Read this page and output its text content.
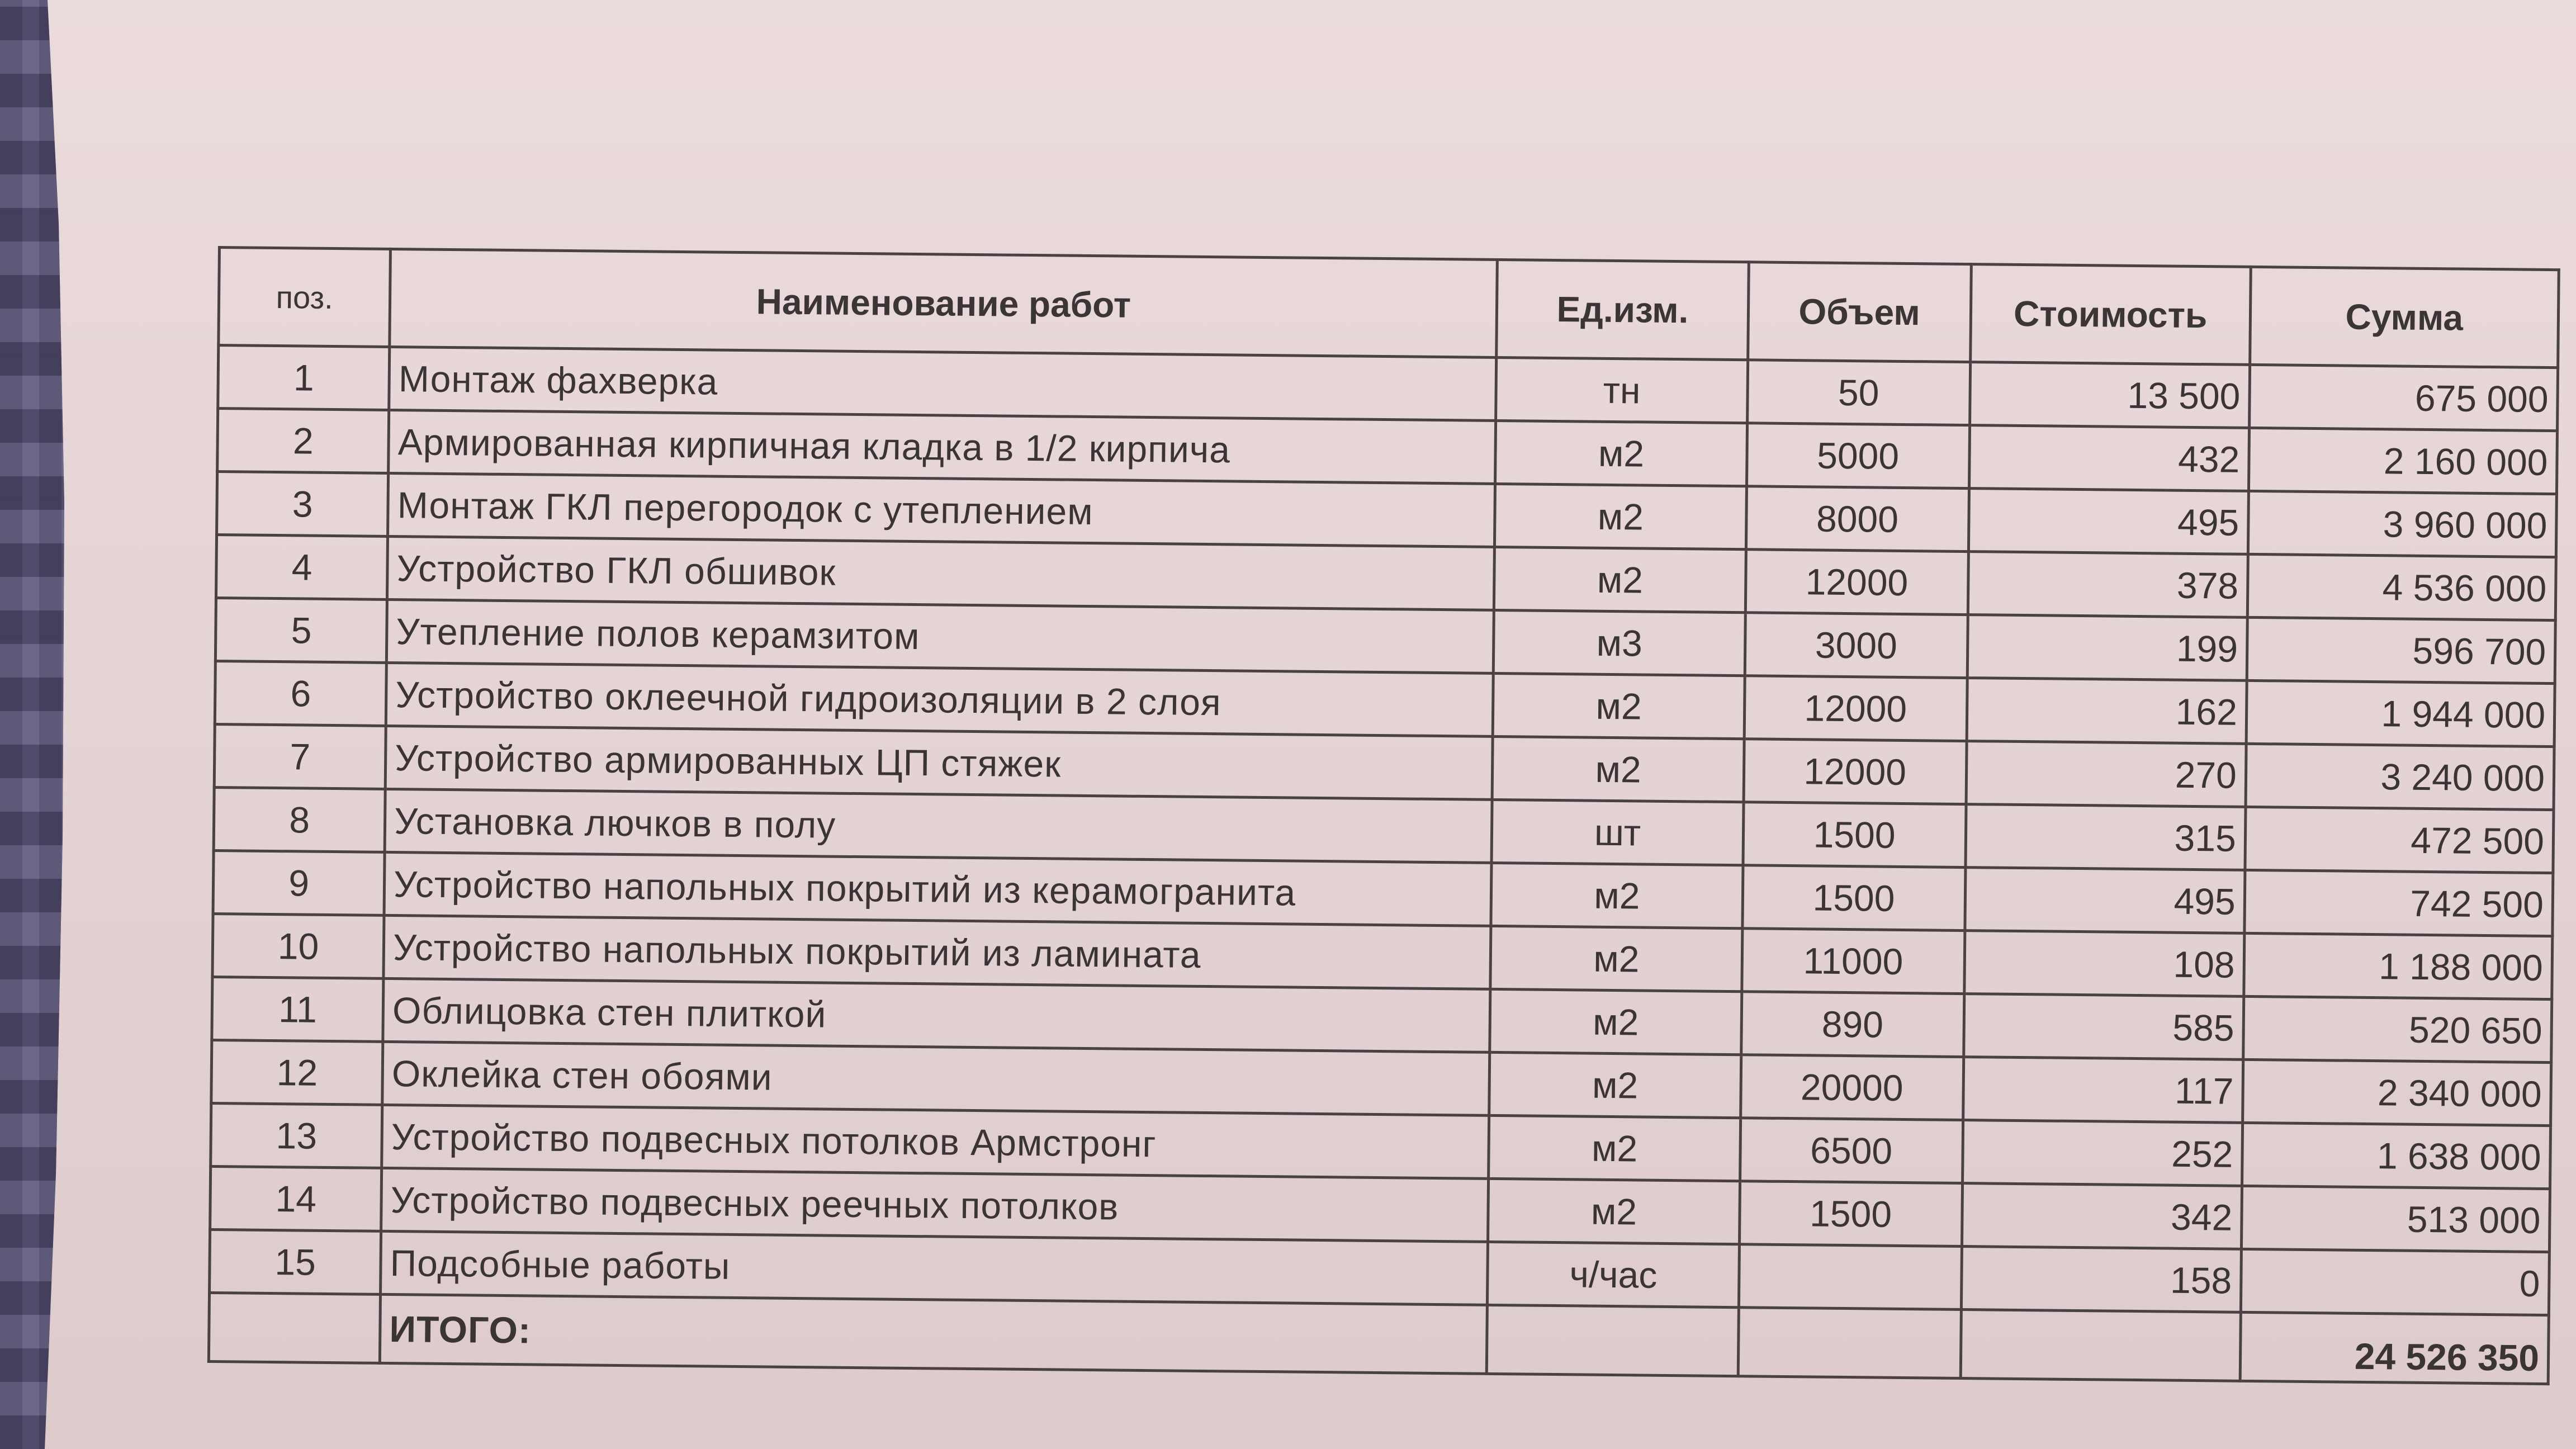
поз.	Наименование работ	Ед.изм.	Объем	Стоимость	Сумма
1	Монтаж фахверка	тн	50	13 500	675 000
2	Армированная кирпичная кладка в 1/2 кирпича	м2	5000	432	2 160 000
3	Монтаж ГКЛ перегородок с утеплением	м2	8000	495	3 960 000
4	Устройство ГКЛ обшивок	м2	12000	378	4 536 000
5	Утепление полов керамзитом	м3	3000	199	596 700
6	Устройство оклеечной гидроизоляции в 2 слоя	м2	12000	162	1 944 000
7	Устройство армированных ЦП стяжек	м2	12000	270	3 240 000
8	Установка лючков в полу	шт	1500	315	472 500
9	Устройство напольных покрытий из керамогранита	м2	1500	495	742 500
10	Устройство напольных покрытий из ламината	м2	11000	108	1 188 000
11	Облицовка стен плиткой	м2	890	585	520 650
12	Оклейка стен обоями	м2	20000	117	2 340 000
13	Устройство подвесных потолков Армстронг	м2	6500	252	1 638 000
14	Устройство подвесных реечных потолков	м2	1500	342	513 000
15	Подсобные работы	ч/час		158	0
	ИТОГО:				24 526 350
